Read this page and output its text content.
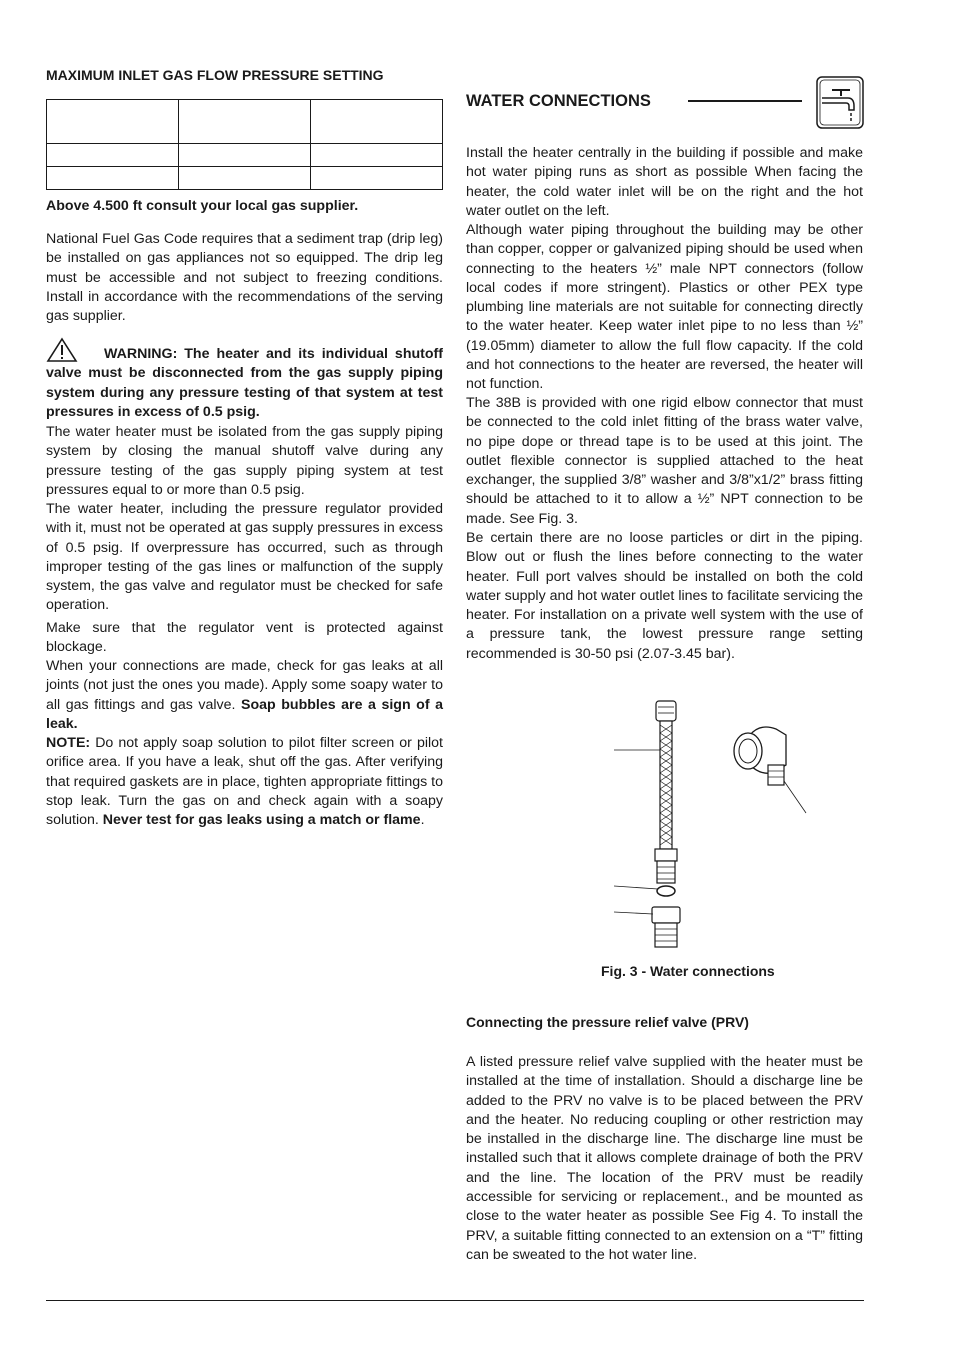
MAXIMUM INLET GAS FLOW PRESSURE SETTING

Above 4.500 ft consult your local gas supplier.

National Fuel Gas Code requires that a sediment trap (drip leg) be installed on gas appliances not so equipped. The drip leg must be accessible and not subject to freezing conditions. Install in accordance with the recommendations of the serving gas supplier.

WARNING: The heater and its individual shutoff valve must be disconnected from the gas supply piping system during any pressure testing of that system at test pressures in excess of 0.5 psig.

The water heater must be isolated from the gas supply piping system by closing the manual shutoff valve during any pressure testing of the gas supply piping system at test pressures equal to or more than 0.5 psig.

The water heater, including the pressure regulator provided with it, must not be operated at gas supply pressures in excess of 0.5 psig. If overpressure has occurred, such as through improper testing of the gas lines or malfunction of the supply system, the gas valve and regulator must be checked for safe operation.

Make sure that the regulator vent is protected against blockage.

When your connections are made, check for gas leaks at all joints (not just the ones you made). Apply some soapy water to all gas fittings and gas valve. Soap bubbles are a sign of a leak.

NOTE: Do not apply soap solution to pilot filter screen or pilot orifice area. If you have a leak, shut off the gas. After verifying that required gaskets are in place, tighten appropriate fittings to stop leak. Turn the gas on and check again with a soapy solution. Never test for gas leaks using a match or flame.

WATER CONNECTIONS

Install the heater centrally in the building if possible and make hot water piping runs as short as possible When facing the heater, the cold water inlet will be on the right and the hot water outlet on the left.

Although water piping throughout the building may be other than copper, copper or galvanized piping should be used when connecting to the heaters ½” male NPT connectors (follow local codes if more stringent). Plastics or other PEX type plumbing line materials are not suitable for connecting directly to the water heater. Keep water inlet pipe to no less than ½” (19.05mm) diameter to allow the full flow capacity. If the cold and hot connections to the heater are reversed, the heater will not function.

The 38B is provided with one rigid elbow connector that must be connected to the cold inlet fitting of the brass water valve, no pipe dope or thread tape is to be used at this joint. The outlet flexible connector is supplied attached to the heat exchanger, the supplied 3/8” washer and 3/8”x1/2” brass fitting should be attached to it to allow a ½” NPT connection to be made. See Fig. 3.

Be certain there are no loose particles or dirt in the piping. Blow out or flush the lines before connecting to the water heater. Full port valves should be installed on both the cold water supply and hot water outlet lines to facilitate servicing the heater. For installation on a private well system with the use of a pressure tank, the lowest pressure range setting recommended is 30-50 psi (2.07-3.45 bar).

Fig. 3 - Water connections

Connecting the pressure relief valve (PRV)

A listed pressure relief valve supplied with the heater must be installed at the time of installation. Should a discharge line be added to the PRV no valve is to be placed between the PRV and the heater. No reducing coupling or other restriction may be installed in the discharge line. The discharge line must be installed such that it allows complete drainage of both the PRV and the line. The location of the PRV must be readily accessible for servicing or replacement., and be mounted as close to the water heater as possible See Fig 4. To install the PRV, a suitable fitting connected to an extension on a “T” fitting can be sweated to the hot water line.
